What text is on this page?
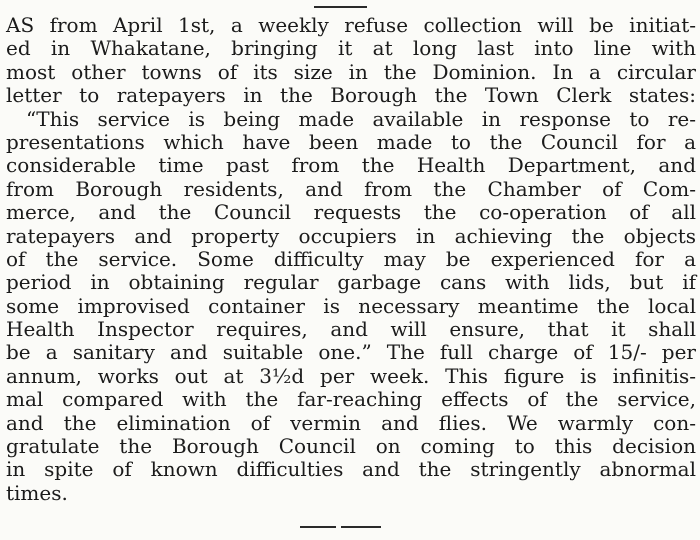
AS from April 1st, a weekly refuse collection will be initiat-
ed in Whakatane, bringing it at long last into line with
most other towns of its size in the Dominion. In a circular
letter to ratepayers in the Borough the Town Clerk states:
“This service is being made available in response to re-
presentations which have been made to the Council for a
considerable time past from the Health Department, and
from Borough residents, and from the Chamber of Com-
merce, and the Council requests the co-operation of all
ratepayers and property occupiers in achieving the objects
of the service. Some difficulty may be experienced for a
period in obtaining regular garbage cans with lids, but if
some improvised container is necessary meantime the local
Health Inspector requires, and will ensure, that it shall
be a sanitary and suitable one.” The full charge of 15/- per
annum, works out at 3½d per week. This figure is infinitis-
mal compared with the far-reaching effects of the service,
and the elimination of vermin and flies. We warmly con-
gratulate the Borough Council on coming to this decision
in spite of known difficulties and the stringently abnormal
times.
